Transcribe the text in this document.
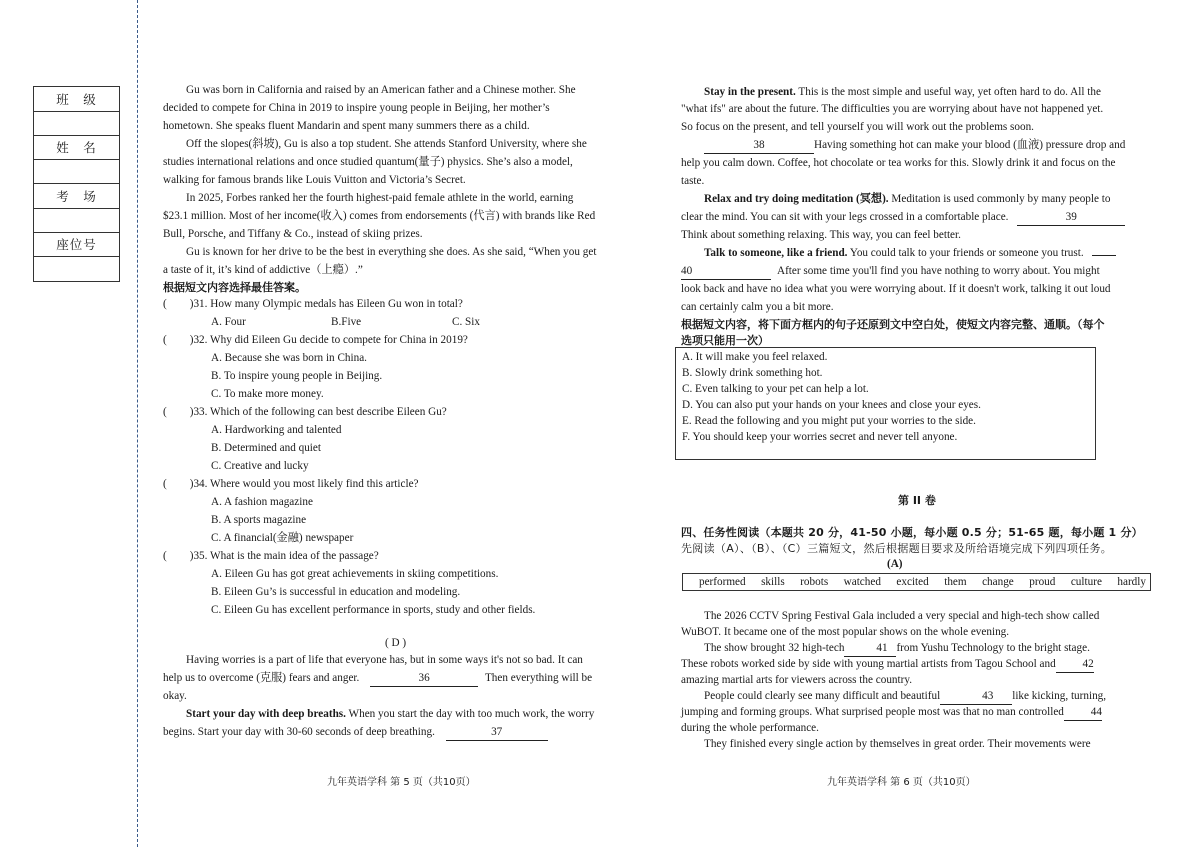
班　级
姓　名
考　场
座位号
Gu was born in California and raised by an American father and a Chinese mother. She
decided to compete for China in 2019 to inspire young people in Beijing, her mother’s
hometown. She speaks fluent Mandarin and spent many summers there as a child.
Off the slopes(斜坡), Gu is also a top student. She attends Stanford University, where she
studies international relations and once studied quantum(量子) physics. She’s also a model,
walking for famous brands like Louis Vuitton and Victoria’s Secret.
In 2025, Forbes ranked her the fourth highest-paid female athlete in the world, earning
$23.1 million. Most of her income(收入) comes from endorsements (代言) with brands like Red
Bull, Porsche, and Tiffany & Co., instead of skiing prizes.
Gu is known for her drive to be the best in everything she does. As she said, “When you get
a taste of it, it’s kind of addictive（上瘾）.”
根据短文内容选择最佳答案。
( )31. How many Olympic medals has Eileen Gu won in total?
A. Four	B.Five	C. Six
( )32. Why did Eileen Gu decide to compete for China in 2019?
A. Because she was born in China.
B. To inspire young people in Beijing.
C. To make more money.
( )33. Which of the following can best describe Eileen Gu?
A. Hardworking and talented
B. Determined and quiet
C. Creative and lucky
( )34. Where would you most likely find this article?
A. A fashion magazine
B. A sports magazine
C. A financial(金融) newspaper
( )35. What is the main idea of the passage?
A. Eileen Gu has got great achievements in skiing competitions.
B. Eileen Gu’s is successful in education and modeling.
C. Eileen Gu has excellent performance in sports, study and other fields.
( D )
Having worries is a part of life that everyone has, but in some ways it's not so bad. It can
help us to overcome (克服) fears and anger.	36	Then everything will be
okay.
Start your day with deep breaths. When you start the day with too much work, the worry
begins. Start your day with 30-60 seconds of deep breathing.	37
九年英语学科 第 5 页（共10页）
Stay in the present. This is the most simple and useful way, yet often hard to do. All the
"what ifs" are about the future. The difficulties you are worrying about have not happened yet.
So focus on the present, and tell yourself you will work out the problems soon.
38	Having something hot can make your blood (血液) pressure drop and
help you calm down. Coffee, hot chocolate or tea works for this. Slowly drink it and focus on the
taste.
Relax and try doing meditation (冥想). Meditation is used commonly by many people to
clear the mind. You can sit with your legs crossed in a comfortable place.	39
Think about something relaxing. This way, you can feel better.
Talk to someone, like a friend. You could talk to your friends or someone you trust.
40	After some time you'll find you have nothing to worry about. You might
look back and have no idea what you were worrying about. If it doesn't work, talking it out loud
can certainly calm you a bit more.
根据短文内容，将下面方框内的句子还原到文中空白处，使短文内容完整、通顺。（每个
选项只能用一次）
A. It will make you feel relaxed.
B. Slowly drink something hot.
C. Even talking to your pet can help a lot.
D. You can also put your hands on your knees and close your eyes.
E. Read the following and you might put your worries to the side.
F. You should keep your worries secret and never tell anyone.
第 II 卷
四、任务性阅读（本题共 20 分，41-50 小题，每小题 0.5 分；51-65 题，每小题 1 分）
先阅读（A）、（B）、（C）三篇短文，然后根据题目要求及所给语境完成下列四项任务。
(A)
performed skills robots watched excited them change proud culture hardly
The 2026 CCTV Spring Festival Gala included a very special and high-tech show called
WuBOT. It became one of the most popular shows on the whole evening.
The show brought 32 high-tech	41 from Yushu Technology to the bright stage.
These robots worked side by side with young martial artists from Tagou School and 42
amazing martial arts for viewers across the country.
People could clearly see many difficult and beautiful	43 like kicking, turning,
jumping and forming groups. What surprised people most was that no man controlled 44
during the whole performance.
They finished every single action by themselves in great order. Their movements were
九年英语学科 第 6 页（共10页）
